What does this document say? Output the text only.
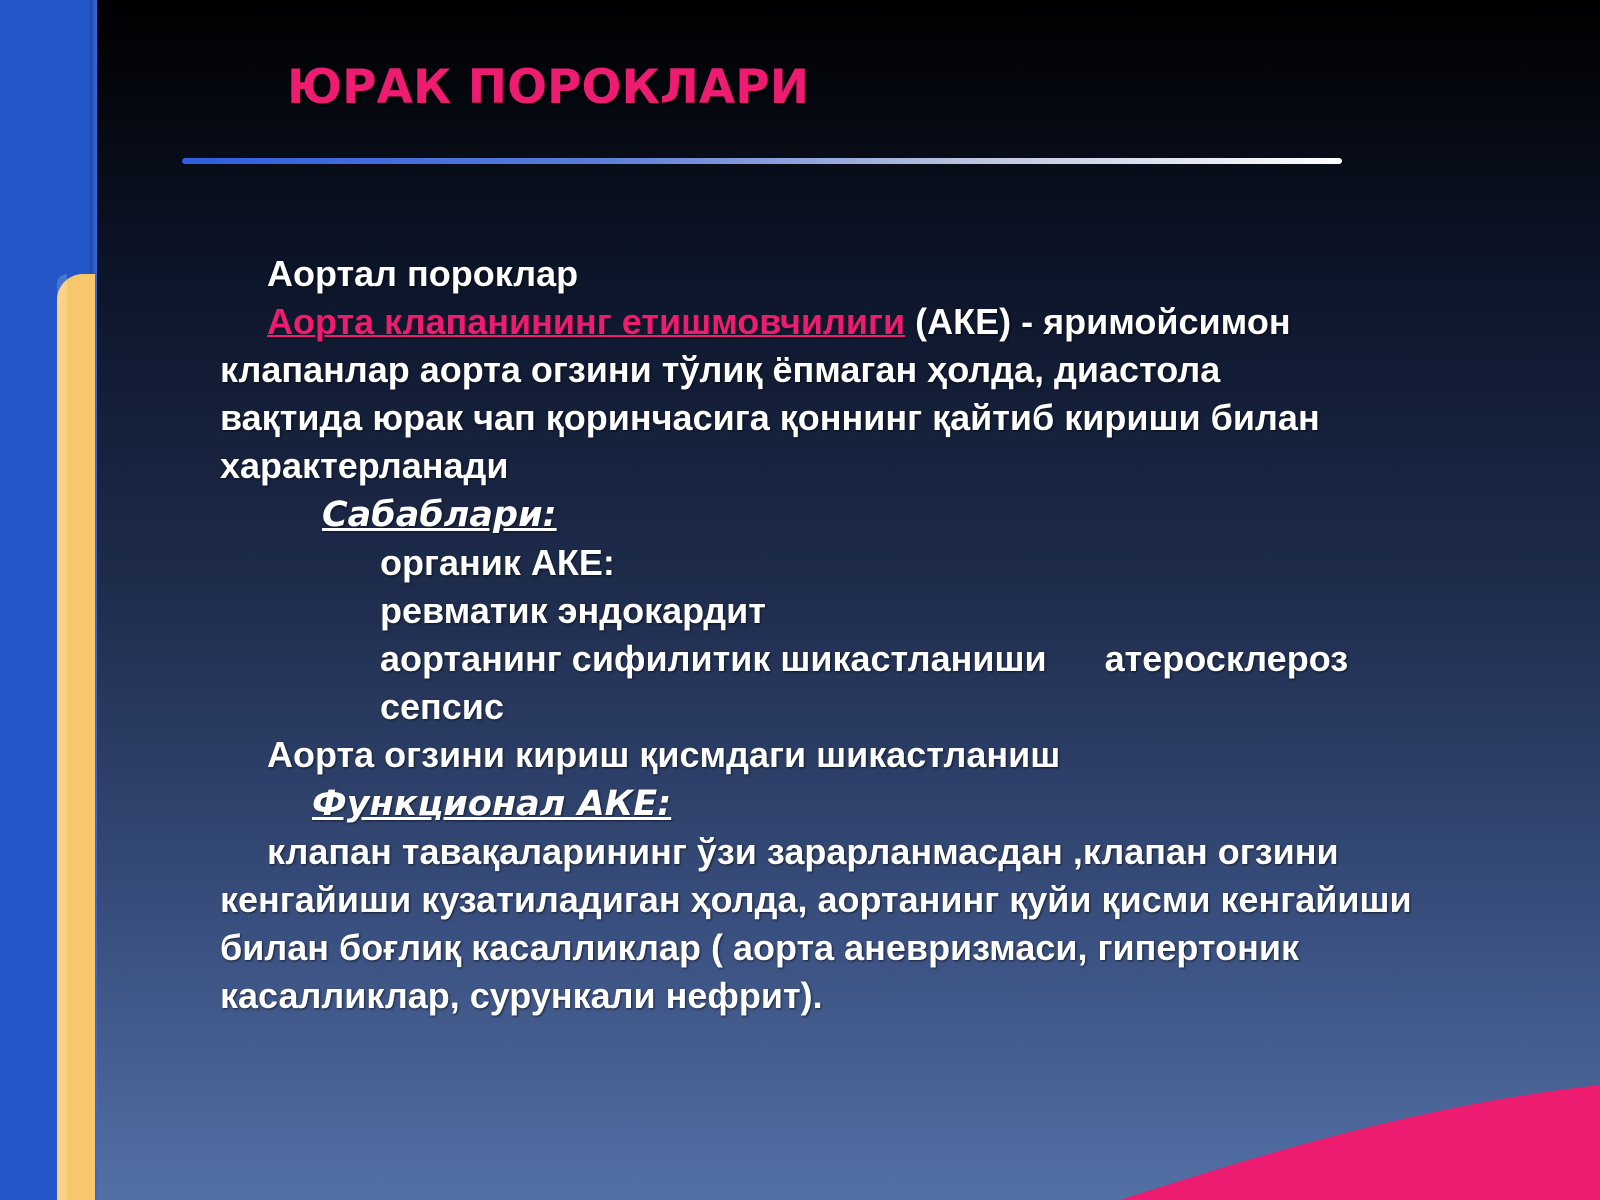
ЮРАК ПОРОКЛАРИ

Аортал пороклар

Аорта клапанининг етишмовчилиги (АКЕ) - яримойсимон

клапанлар аорта огзини тўлиқ ёпмаган ҳолда, диастола вақтида юрак чап қоринчасига қоннинг қайтиб кириши билан характерланади

Сабаблари:

органик АКЕ:

ревматик эндокардит

аортанинг сифилитик шикастланиши атеросклероз

сепсис

Аорта огзини кириш қисмдаги шикастланиш

Функционал АКЕ:

клапан тавақаларининг ўзи зарарланмасдан ,клапан огзини

кенгайиши кузатиладиган ҳолда, аортанинг қуйи қисми кенгайиши билан боғлиқ касалликлар ( аорта аневризмаси, гипертоник касалликлар, сурункали нефрит).
